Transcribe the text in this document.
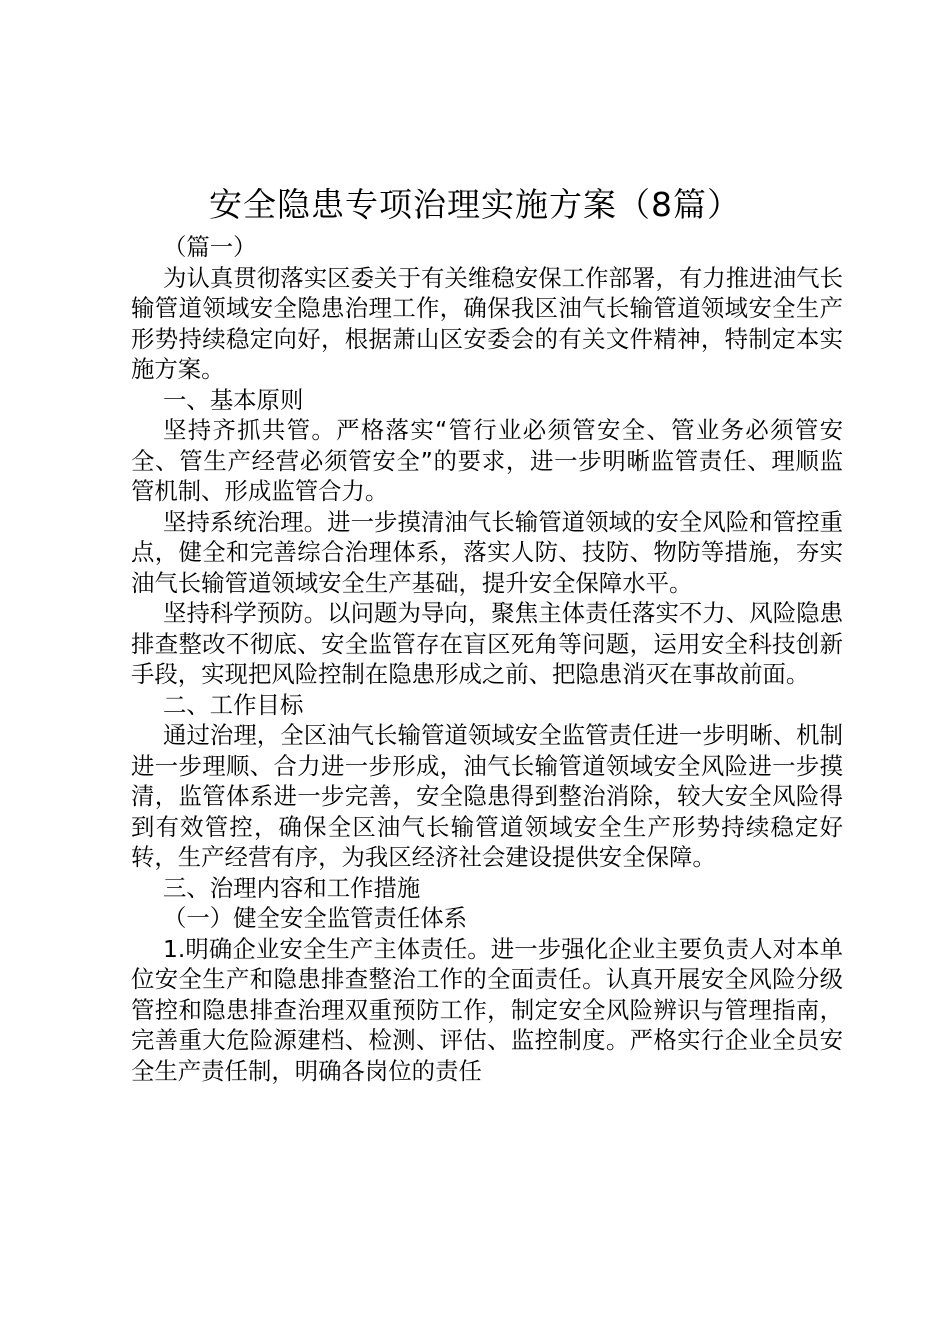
安全隐患专项治理实施方案（8篇）

（篇一）

为认真贯彻落实区委关于有关维稳安保工作部署，有力推进油气长输管道领域安全隐患治理工作，确保我区油气长输管道领域安全生产形势持续稳定向好，根据萧山区安委会的有关文件精神，特制定本实施方案。

一、基本原则

坚持齐抓共管。严格落实“管行业必须管安全、管业务必须管安全、管生产经营必须管安全”的要求，进一步明晰监管责任、理顺监管机制、形成监管合力。

坚持系统治理。进一步摸清油气长输管道领域的安全风险和管控重点，健全和完善综合治理体系，落实人防、技防、物防等措施，夯实油气长输管道领域安全生产基础，提升安全保障水平。

坚持科学预防。以问题为导向，聚焦主体责任落实不力、风险隐患排查整改不彻底、安全监管存在盲区死角等问题，运用安全科技创新手段，实现把风险控制在隐患形成之前、把隐患消灭在事故前面。

二、工作目标

通过治理，全区油气长输管道领域安全监管责任进一步明晰、机制进一步理顺、合力进一步形成，油气长输管道领域安全风险进一步摸清，监管体系进一步完善，安全隐患得到整治消除，较大安全风险得到有效管控，确保全区油气长输管道领域安全生产形势持续稳定好转，生产经营有序，为我区经济社会建设提供安全保障。

三、治理内容和工作措施

（一）健全安全监管责任体系

1.明确企业安全生产主体责任。进一步强化企业主要负责人对本单位安全生产和隐患排查整治工作的全面责任。认真开展安全风险分级管控和隐患排查治理双重预防工作，制定安全风险辨识与管理指南，完善重大危险源建档、检测、评估、监控制度。严格实行企业全员安全生产责任制，明确各岗位的责任
